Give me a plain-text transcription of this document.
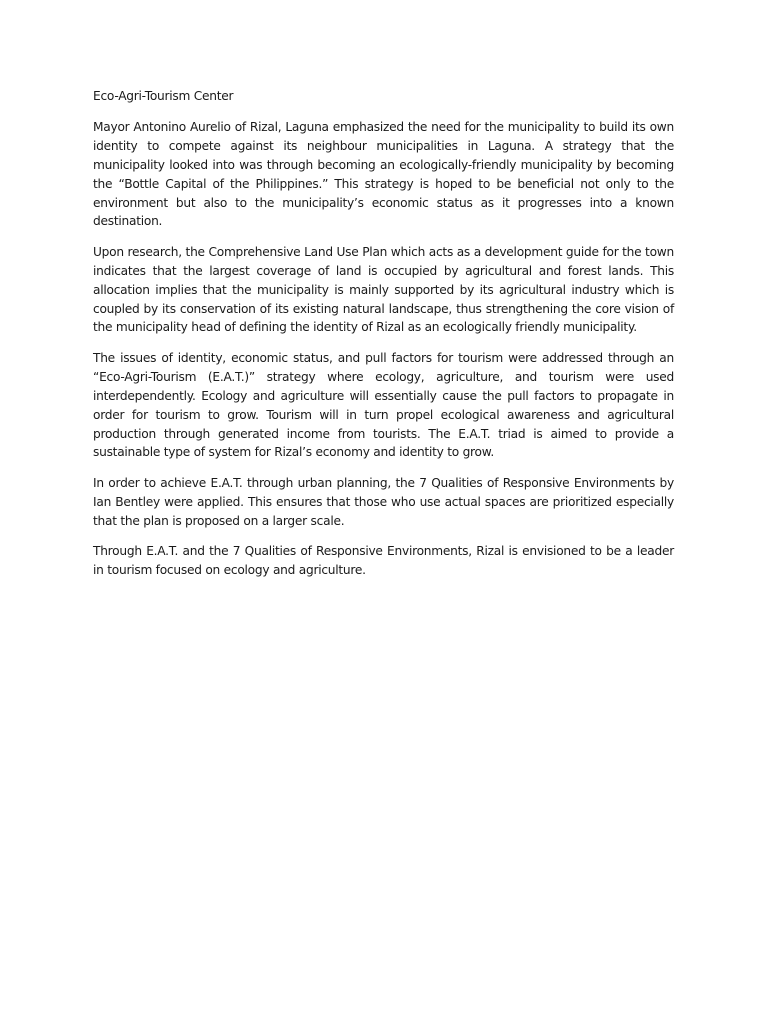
Eco-Agri-Tourism Center

Mayor Antonino Aurelio of Rizal, Laguna emphasized the need for the municipality to build its own identity to compete against its neighbour municipalities in Laguna. A strategy that the municipality looked into was through becoming an ecologically-friendly municipality by becoming the “Bottle Capital of the Philippines.” This strategy is hoped to be beneficial not only to the environment but also to the municipality’s economic status as it progresses into a known destination.

Upon research, the Comprehensive Land Use Plan which acts as a development guide for the town indicates that the largest coverage of land is occupied by agricultural and forest lands. This allocation implies that the municipality is mainly supported by its agricultural industry which is coupled by its conservation of its existing natural landscape, thus strengthening the core vision of the municipality head of defining the identity of Rizal as an ecologically friendly municipality.

The issues of identity, economic status, and pull factors for tourism were addressed through an “Eco-Agri-Tourism (E.A.T.)” strategy where ecology, agriculture, and tourism were used interdependently. Ecology and agriculture will essentially cause the pull factors to propagate in order for tourism to grow. Tourism will in turn propel ecological awareness and agricultural production through generated income from tourists. The E.A.T. triad is aimed to provide a sustainable type of system for Rizal’s economy and identity to grow.

In order to achieve E.A.T. through urban planning, the 7 Qualities of Responsive Environments by Ian Bentley were applied. This ensures that those who use actual spaces are prioritized especially that the plan is proposed on a larger scale.

Through E.A.T. and the 7 Qualities of Responsive Environments, Rizal is envisioned to be a leader in tourism focused on ecology and agriculture.
